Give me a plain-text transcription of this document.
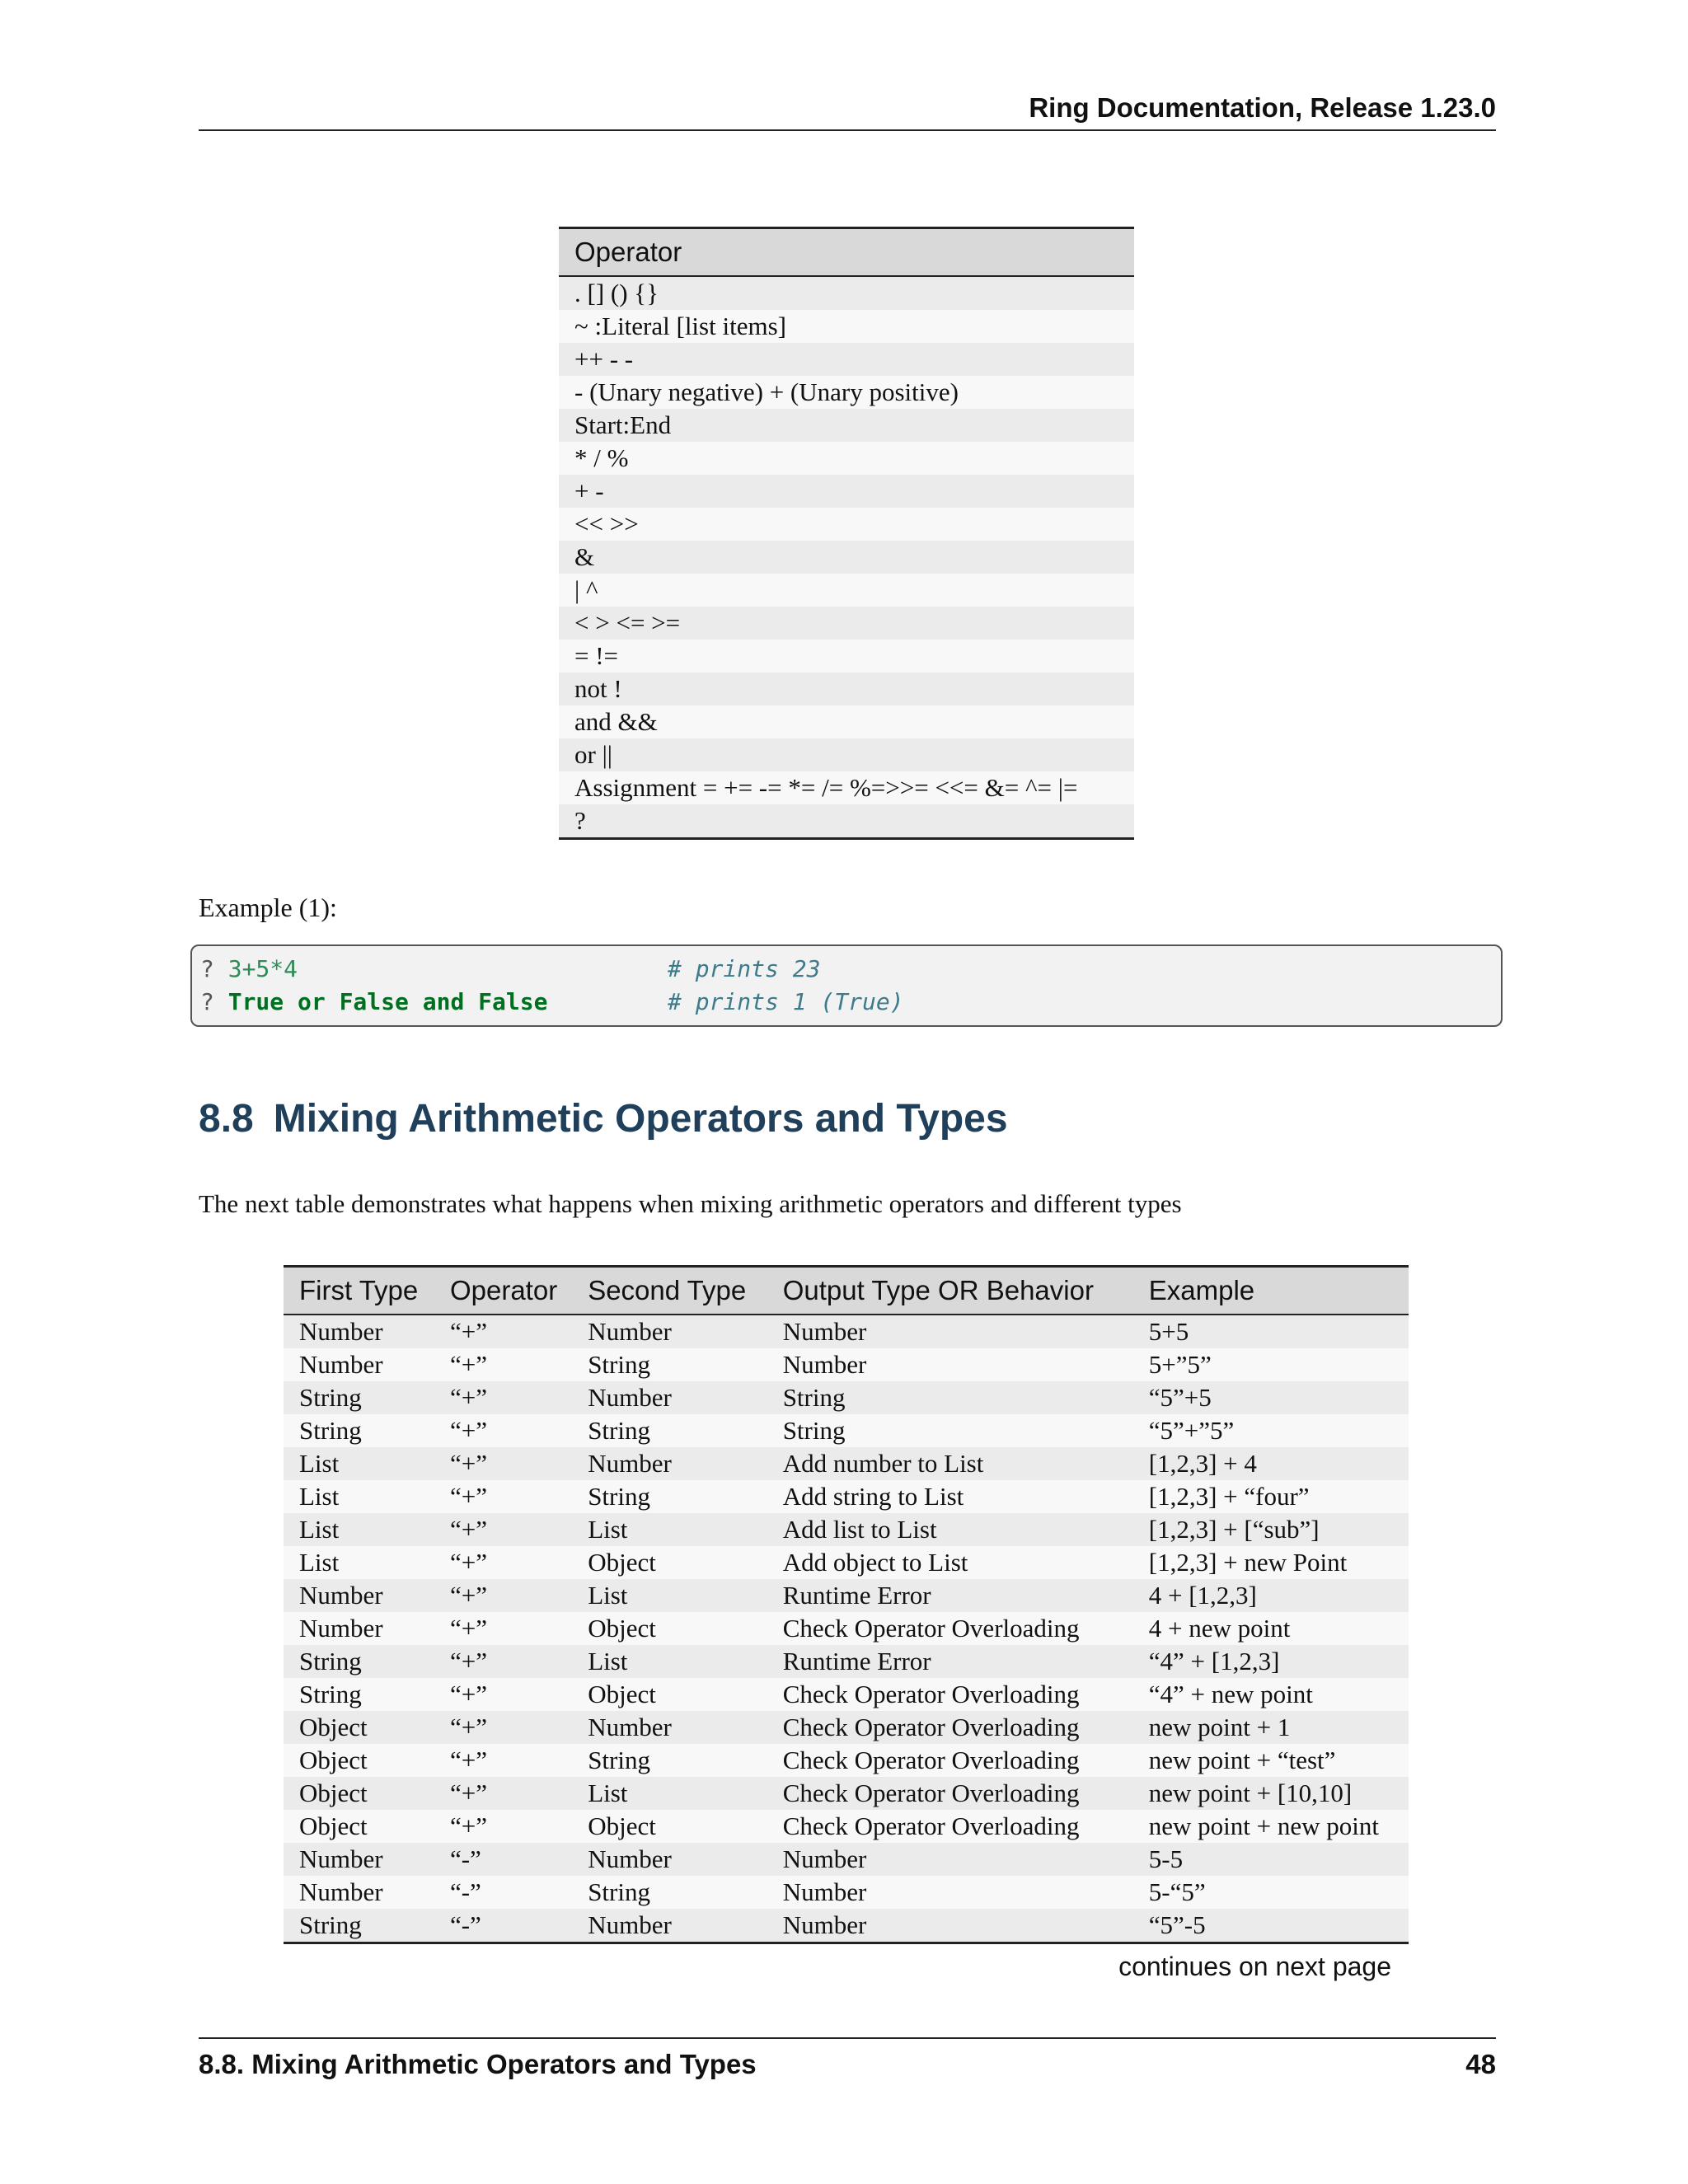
Ring Documentation, Release 1.23.0
Operator
. [] () {}
~ :Literal [list items]
++ - -
- (Unary negative) + (Unary positive)
Start:End
* / %
+ -
<< >>
&
| ^
< > <= >=
= !=
not !
and &&
or ||
Assignment = += -= *= /= %=>>= <<= &= ^= |=
?
Example (1):
? 3+5*4	# prints 23
? True or False and False	# prints 1 (True)
8.8 Mixing Arithmetic Operators and Types
The next table demonstrates what happens when mixing arithmetic operators and different types
First Type	Operator	Second Type	Output Type OR Behavior	Example
Number	“+”	Number	Number	5+5
Number	“+”	String	Number	5+”5”
String	“+”	Number	String	“5”+5
String	“+”	String	String	“5”+”5”
List	“+”	Number	Add number to List	[1,2,3] + 4
List	“+”	String	Add string to List	[1,2,3] + “four”
List	“+”	List	Add list to List	[1,2,3] + [“sub”]
List	“+”	Object	Add object to List	[1,2,3] + new Point
Number	“+”	List	Runtime Error	4 + [1,2,3]
Number	“+”	Object	Check Operator Overloading	4 + new point
String	“+”	List	Runtime Error	“4” + [1,2,3]
String	“+”	Object	Check Operator Overloading	“4” + new point
Object	“+”	Number	Check Operator Overloading	new point + 1
Object	“+”	String	Check Operator Overloading	new point + “test”
Object	“+”	List	Check Operator Overloading	new point + [10,10]
Object	“+”	Object	Check Operator Overloading	new point + new point
Number	“-”	Number	Number	5-5
Number	“-”	String	Number	5-“5”
String	“-”	Number	Number	“5”-5
continues on next page
8.8. Mixing Arithmetic Operators and Types	48
